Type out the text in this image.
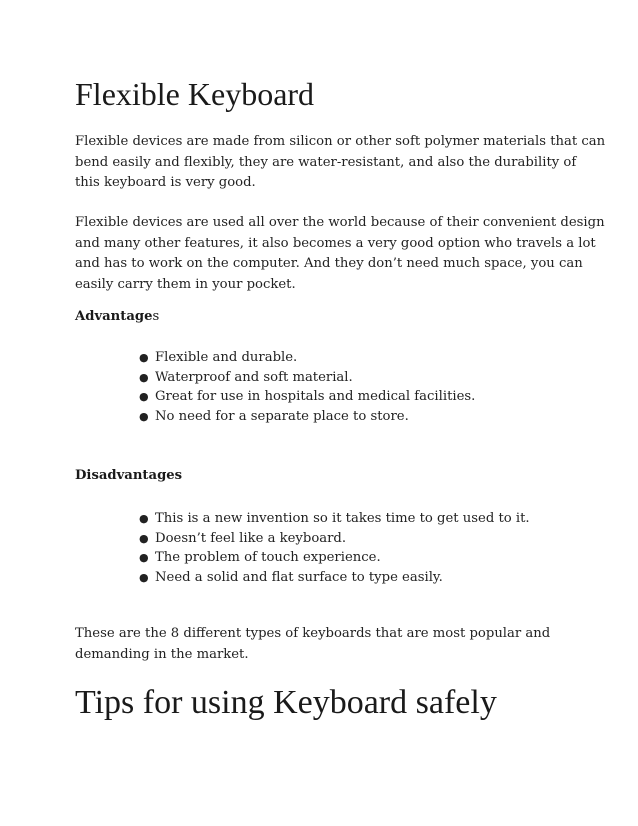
Flexible Keyboard

Flexible devices are made from silicon or other soft polymer materials that can
bend easily and flexibly, they are water-resistant, and also the durability of
this keyboard is very good.

Flexible devices are used all over the world because of their convenient design
and many other features, it also becomes a very good option who travels a lot
and has to work on the computer. And they don’t need much space, you can
easily carry them in your pocket.

Advantages

● Flexible and durable.
● Waterproof and soft material.
● Great for use in hospitals and medical facilities.
● No need for a separate place to store.

Disadvantages

● This is a new invention so it takes time to get used to it.
● Doesn’t feel like a keyboard.
● The problem of touch experience.
● Need a solid and flat surface to type easily.

These are the 8 different types of keyboards that are most popular and
demanding in the market.

Tips for using Keyboard safely
